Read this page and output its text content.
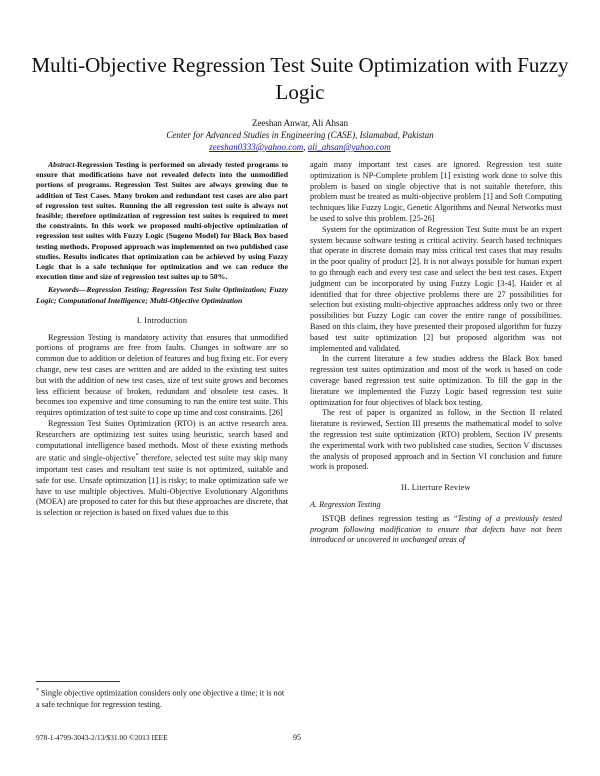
Multi-Objective Regression Test Suite Optimization with Fuzzy Logic
Zeeshan Anwar, Ali Ahsan
Center for Advanced Studies in Engineering (CASE), Islamabad, Pakistan
zeeshan0333@yahoo.com, ali_ahsan@yahoo.com

Abstract-Regression Testing is performed on already tested programs to ensure that modifications have not revealed defects into the unmodified portions of programs. Regression Test Suites are always growing due to addition of Test Cases. Many broken and redundant test cases are also part of regression test suites. Running the all regression test suite is always not feasible; therefore optimization of regression test suites is required to meet the constraints. In this work we proposed multi-objective optimization of regression test suites with Fuzzy Logic (Sugeno Model) for Black Box based testing methods. Proposed approach was implemented on two published case studies. Results indicates that optimization can be achieved by using Fuzzy Logic that is a safe technique for optimization and we can reduce the execution time and size of regression test suites up to 50%.

Keywords—Regression Testing; Regression Test Suite Optimization; Fuzzy Logic; Computational Intelligence; Multi-Objective Optimization

I. Introduction

Regression Testing is mandatory activity that ensures that unmodified portions of programs are free from faults. Changes in software are so common due to addition or deletion of features and bug fixing etc. For every change, new test cases are written and are added to the existing test suites but with the addition of new test cases, size of test suite grows and becomes less efficient because of broken, redundant and obsolete test cases. It becomes too expensive and time consuming to run the entire test suite. This requires optimization of test suite to cope up time and cost constraints. [26]

Regression Test Suites Optimization (RTO) is an active research area. Researchers are optimizing test suites using heuristic, search based and computational intelligence based methods. Most of these existing methods are static and single-objective* therefore, selected test suite may skip many important test cases and resultant test suite is not optimized, suitable and safe for use. Unsafe optimization [1] is risky; to make optimization safe we have to use multiple objectives. Multi-Objective Evolutionary Algorithms (MOEA) are proposed to cater for this but these approaches are discrete, that is selection or rejection is based on fixed values due to this

* Single objective optimization considers only one objective a time; it is not a safe technique for regression testing.

again many important test cases are ignored. Regression test suite optimization is NP-Complete problem [1] existing work done to solve this problem is based on single objective that is not suitable therefore, this problem must be treated as multi-objective problem [1] and Soft Computing techniques like Fuzzy Logic, Genetic Algorithms and Neural Networks must be used to solve this problem. [25-26]

System for the optimization of Regression Test Suite must be an expert system because software testing is critical activity. Search based techniques that operate in discrete domain may miss critical test cases that may results in the poor quality of product [2]. It is not always possible for human expert to go through each and every test case and select the best test cases. Expert judgment can be incorporated by using Fuzzy Logic [3-4]. Haider et al identified that for three objective problems there are 27 possibilities for selection but existing multi-objective approaches address only two or three possibilities but Fuzzy Logic can cover the entire range of possibilities. Based on this claim, they have presented their proposed algorithm for fuzzy based test suite optimization [2] but proposed algorithm was not implemented and validated.

In the current literature a few studies address the Black Box based regression test suites optimization and most of the work is based on code coverage based regression test suite optimization. To fill the gap in the literature we implemented the Fuzzy Logic based regression test suite optimization for four objectives of black box testing.

The rest of paper is organized as follow, in the Section II related literature is reviewed, Section III presents the mathematical model to solve the regression test suite optimization (RTO) problem, Section IV presents the experimental work with two published case studies, Section V discusses the analysis of proposed approach and in Section VI conclusion and future work is proposed.

II. Literture Review
A. Regression Testing

ISTQB defines regression testing as “Testing of a previously tested program following modification to ensure that defects have not been introduced or uncovered in unchanged areas of

978-1-4799-3043-2/13/$31.00 ©2013 IEEE	95
